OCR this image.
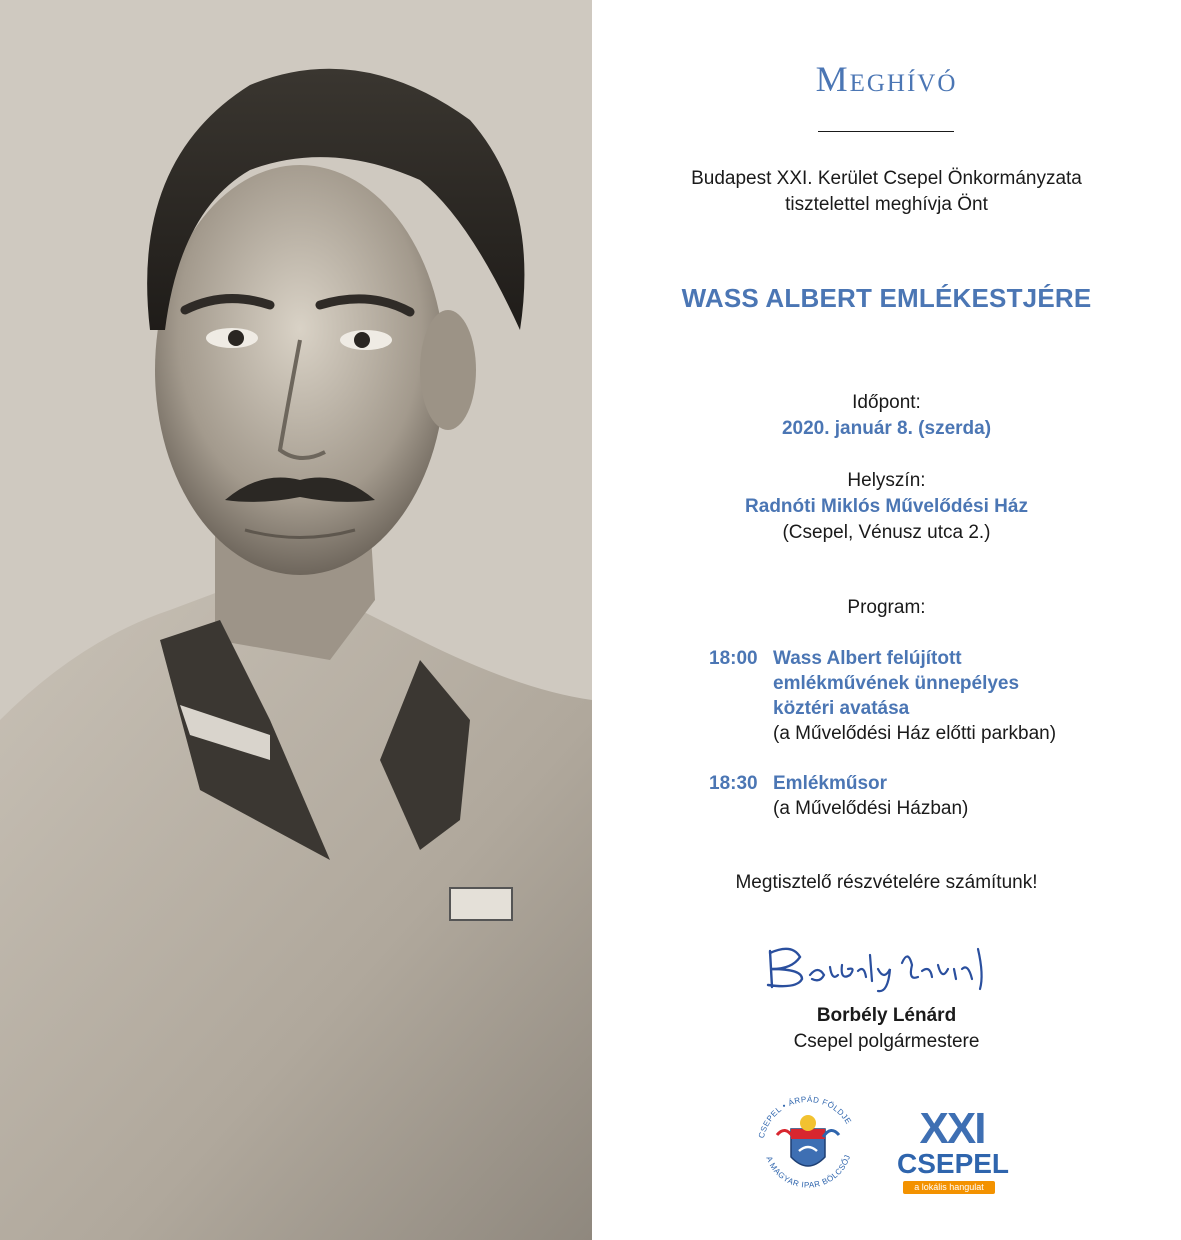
Meghívó
Budapest XXI. Kerület Csepel Önkormányzata
tisztelettel meghívja Önt
WASS ALBERT EMLÉKESTJÉRE
Időpont:
2020. január 8. (szerda)
Helyszín:
Radnóti Miklós Művelődési Ház
(Csepel, Vénusz utca 2.)
Program:
18:00 Wass Albert felújított
emlékművének ünnepélyes
köztéri avatása
(a Művelődési Ház előtti parkban)
18:30 Emlékműsor
(a Művelődési Házban)
Megtisztelő részvételére számítunk!
Borbély Lénárd
Csepel polgármestere
CSEPEL • ÁRPÁD FÖLDJE
A MAGYAR IPAR BÖLCSŐJ
XXI
CSEPEL
a lokális hangulat
